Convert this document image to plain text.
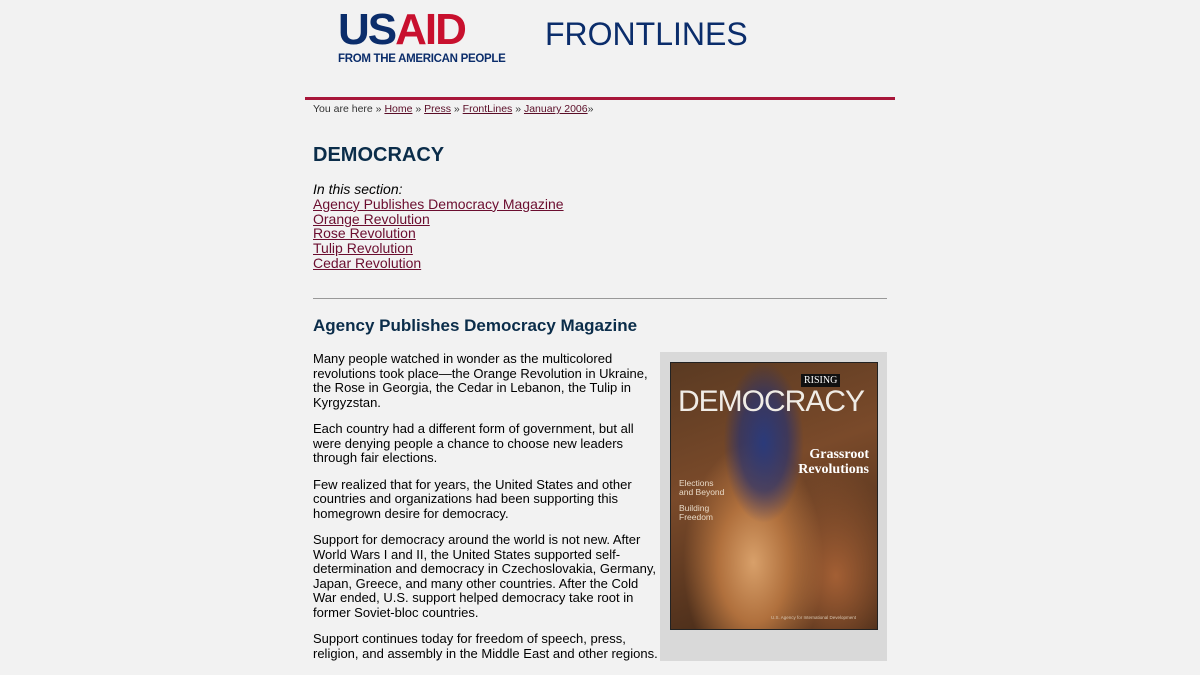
USAID
FROM THE AMERICAN PEOPLE
FRONTLINES
You are here » Home » Press » FrontLines » January 2006»
DEMOCRACY
In this section:
Agency Publishes Democracy Magazine
Orange Revolution
Rose Revolution
Tulip Revolution
Cedar Revolution
Agency Publishes Democracy Magazine

Many people watched in wonder as the multicolored revolutions took place—the Orange Revolution in Ukraine, the Rose in Georgia, the Cedar in Lebanon, the Tulip in Kyrgyzstan.

Each country had a different form of government, but all were denying people a chance to choose new leaders through fair elections.

Few realized that for years, the United States and other countries and organizations had been supporting this homegrown desire for democracy.

Support for democracy around the world is not new. After World Wars I and II, the United States supported self-determination and democracy in Czechoslovakia, Germany, Japan, Greece, and many other countries. After the Cold War ended, U.S. support helped democracy take root in former Soviet-bloc countries.

Support continues today for freedom of speech, press, religion, and assembly in the Middle East and other regions.

RISING
DEMOCRACY
Grassroot
Revolutions
Elections
and Beyond
Building
Freedom
U.S. Agency for International Development
